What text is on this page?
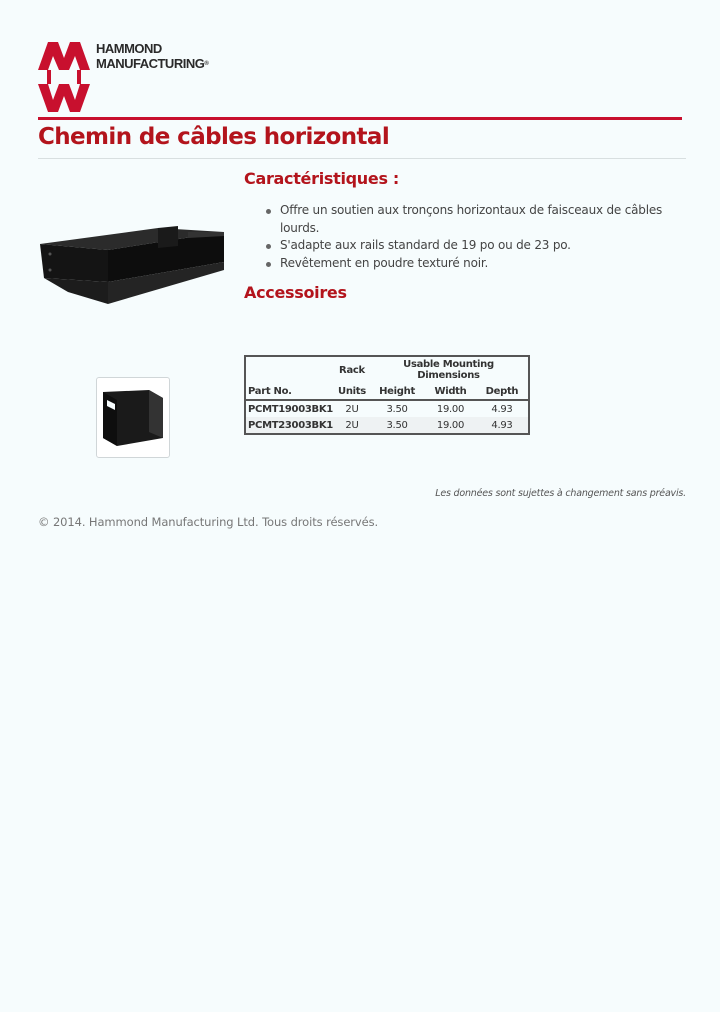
HAMMOND
MANUFACTURING®
Chemin de câbles horizontal
Caractéristiques :
Offre un soutien aux tronçons horizontaux de faisceaux de câbles lourds.
S'adapte aux rails standard de 19 po ou de 23 po.
Revêtement en poudre texturé noir.
Accessoires
	Rack	Usable Mounting Dimensions		
Part No.	Units	Height	Width	Depth
PCMT19003BK1	2U	3.50	19.00	4.93
PCMT23003BK1	2U	3.50	19.00	4.93
Les données sont sujettes à changement sans préavis.
© 2014. Hammond Manufacturing Ltd. Tous droits réservés.
